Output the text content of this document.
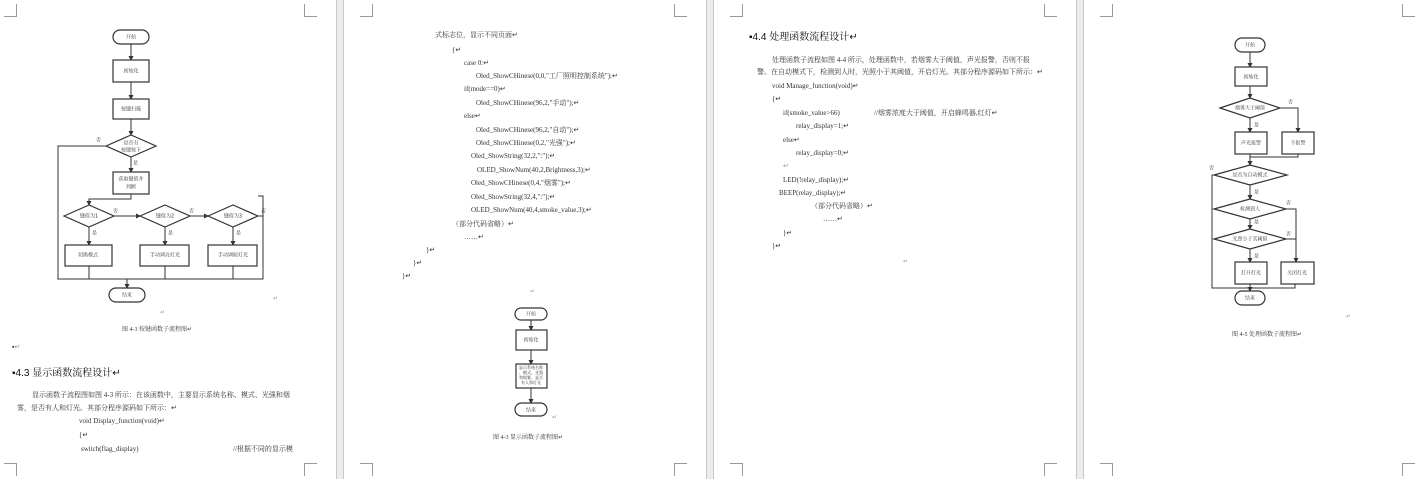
开始
初始化
按键扫描
是否有
按键按下
否
是
获取键值并
判断
键值为1	键值为2	键值为3
否	否	否
是	是	是
切换模式	手动调亮灯光	手动调暗灯光
结束
开始
初始化
显示系统名称
、模式、光强
和烟雾、是否
有人和灯光
结束
开始
初始化
烟雾大于阈值
否
是
声光报警	不报警
是否为自动模式
否
是
检测到人
否
是
光照小于其阈值
否
是
打开灯光	关闭灯光
结束
↵
↵
图 4-3 按键函数子流程图↵
▪↵
▪4.3 显示函数流程设计↵
显示函数子流程图如图 4-3 所示：在该函数中，主要显示系统名称、模式、光强和烟
雾，是否有人和灯光。其部分程序源码如下所示：↵
void Display_function(void)↵
{↵
switch(flag_display)	//根据不同的显示模
式标志位，显示不同页面↵
{↵
case 0:↵
Oled_ShowCHinese(0,0,"工厂照明控制系统");↵
if(mode==0)↵
Oled_ShowCHinese(96,2,"手动");↵
else↵
Oled_ShowCHinese(96,2,"自动");↵
Oled_ShowCHinese(0,2,"光强");↵
Oled_ShowString(32,2,":");↵
OLED_ShowNum(40,2,Brightness,3);↵
Oled_ShowCHinese(0,4,"烟雾");↵
Oled_ShowString(32,4,":");↵
OLED_ShowNum(40,4,smoke_value,3);↵
（部分代码省略）↵
……↵
}↵
}↵
}↵
↵
↵
图 4-3 显示函数子流程图↵
▪4.4 处理函数流程设计↵
处理函数子流程如图 4-4 所示，处理函数中，若烟雾大于阈值，声光报警，否则不报
警。在自动模式下，检测到人时，光照小于其阈值，开启灯光。其部分程序源码如下所示：↵
void Manage_function(void)↵
{↵
if(smoke_value>66)	//烟雾浓度大于阈值，开启蜂鸣器,红灯↵
relay_display=1;↵
else↵
relay_display=0;↵
↵
LED(!relay_display);↵
BEEP(relay_display);↵
（部分代码省略）↵
……↵
}↵
}↵
↵
↵
图 4-5 处理函数子流程图↵
